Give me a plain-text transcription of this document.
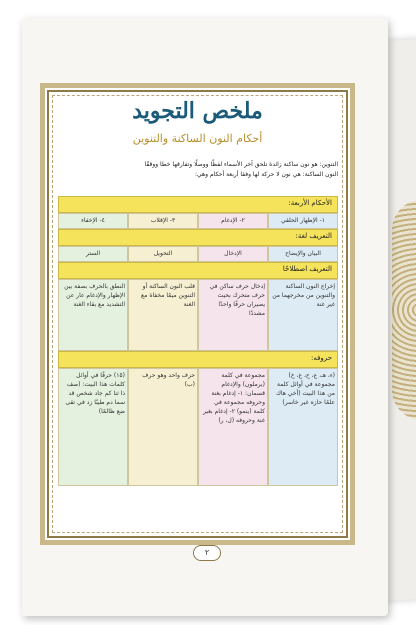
ملخص التجويد
أحكام النون الساكنة والتنوين
التنوين: هو نون ساكنة زائدة تلحق آخر الأسماء لفظًا ووصلًا وتفارقها خطا ووقفًا
النون الساكنة: هي نون لا حركة لها وفقا أربعة أحكام وهي:
الأحكام الأربعة:
١- الإظهار الحلقي
٢- الإدغام
٣- الإقلاب
٤- الإخفاء
التعريف لغة:
البيان والإيضاح
الإدخال
التحويل
الستر
التعريف اصطلاحًا
إخراج النون الساكنة والتنوين من مخرجهما من غير غنة
إدخال حرف ساكن في حرف متحرك بحيث يصيران حرفًا واحدًا مشددًا
قلب النون الساكنة أو التنوين ميمًا مخفاة مع الغنة
النطق بالحرف بصفة بين الإظهار والإدغام عار عن التشديد مع بقاء الغنة
حروفه:
(ء، هـ، ع، ح، غ، خ) مجموعة في أوائل كلمة من هذا البيت (أخي هاك علمًا حازه غير خاسر)
مجموعة في كلمة (يرملون) والإدغام قسمان: ١- إدغام بغنة وحروفه مجموعة في كلمة (ينمو) ٢- إدغام بغير غنة وحروفه (ل، ر)
حرف واحد وهو حرف (ب)
(١٥) حرفًا في أوائل كلمات هذا البيت: (صف ذا ثنا كم جاد شخص قد سما دم طيبًا زد في تقى ضع ظالمًا)
٢
